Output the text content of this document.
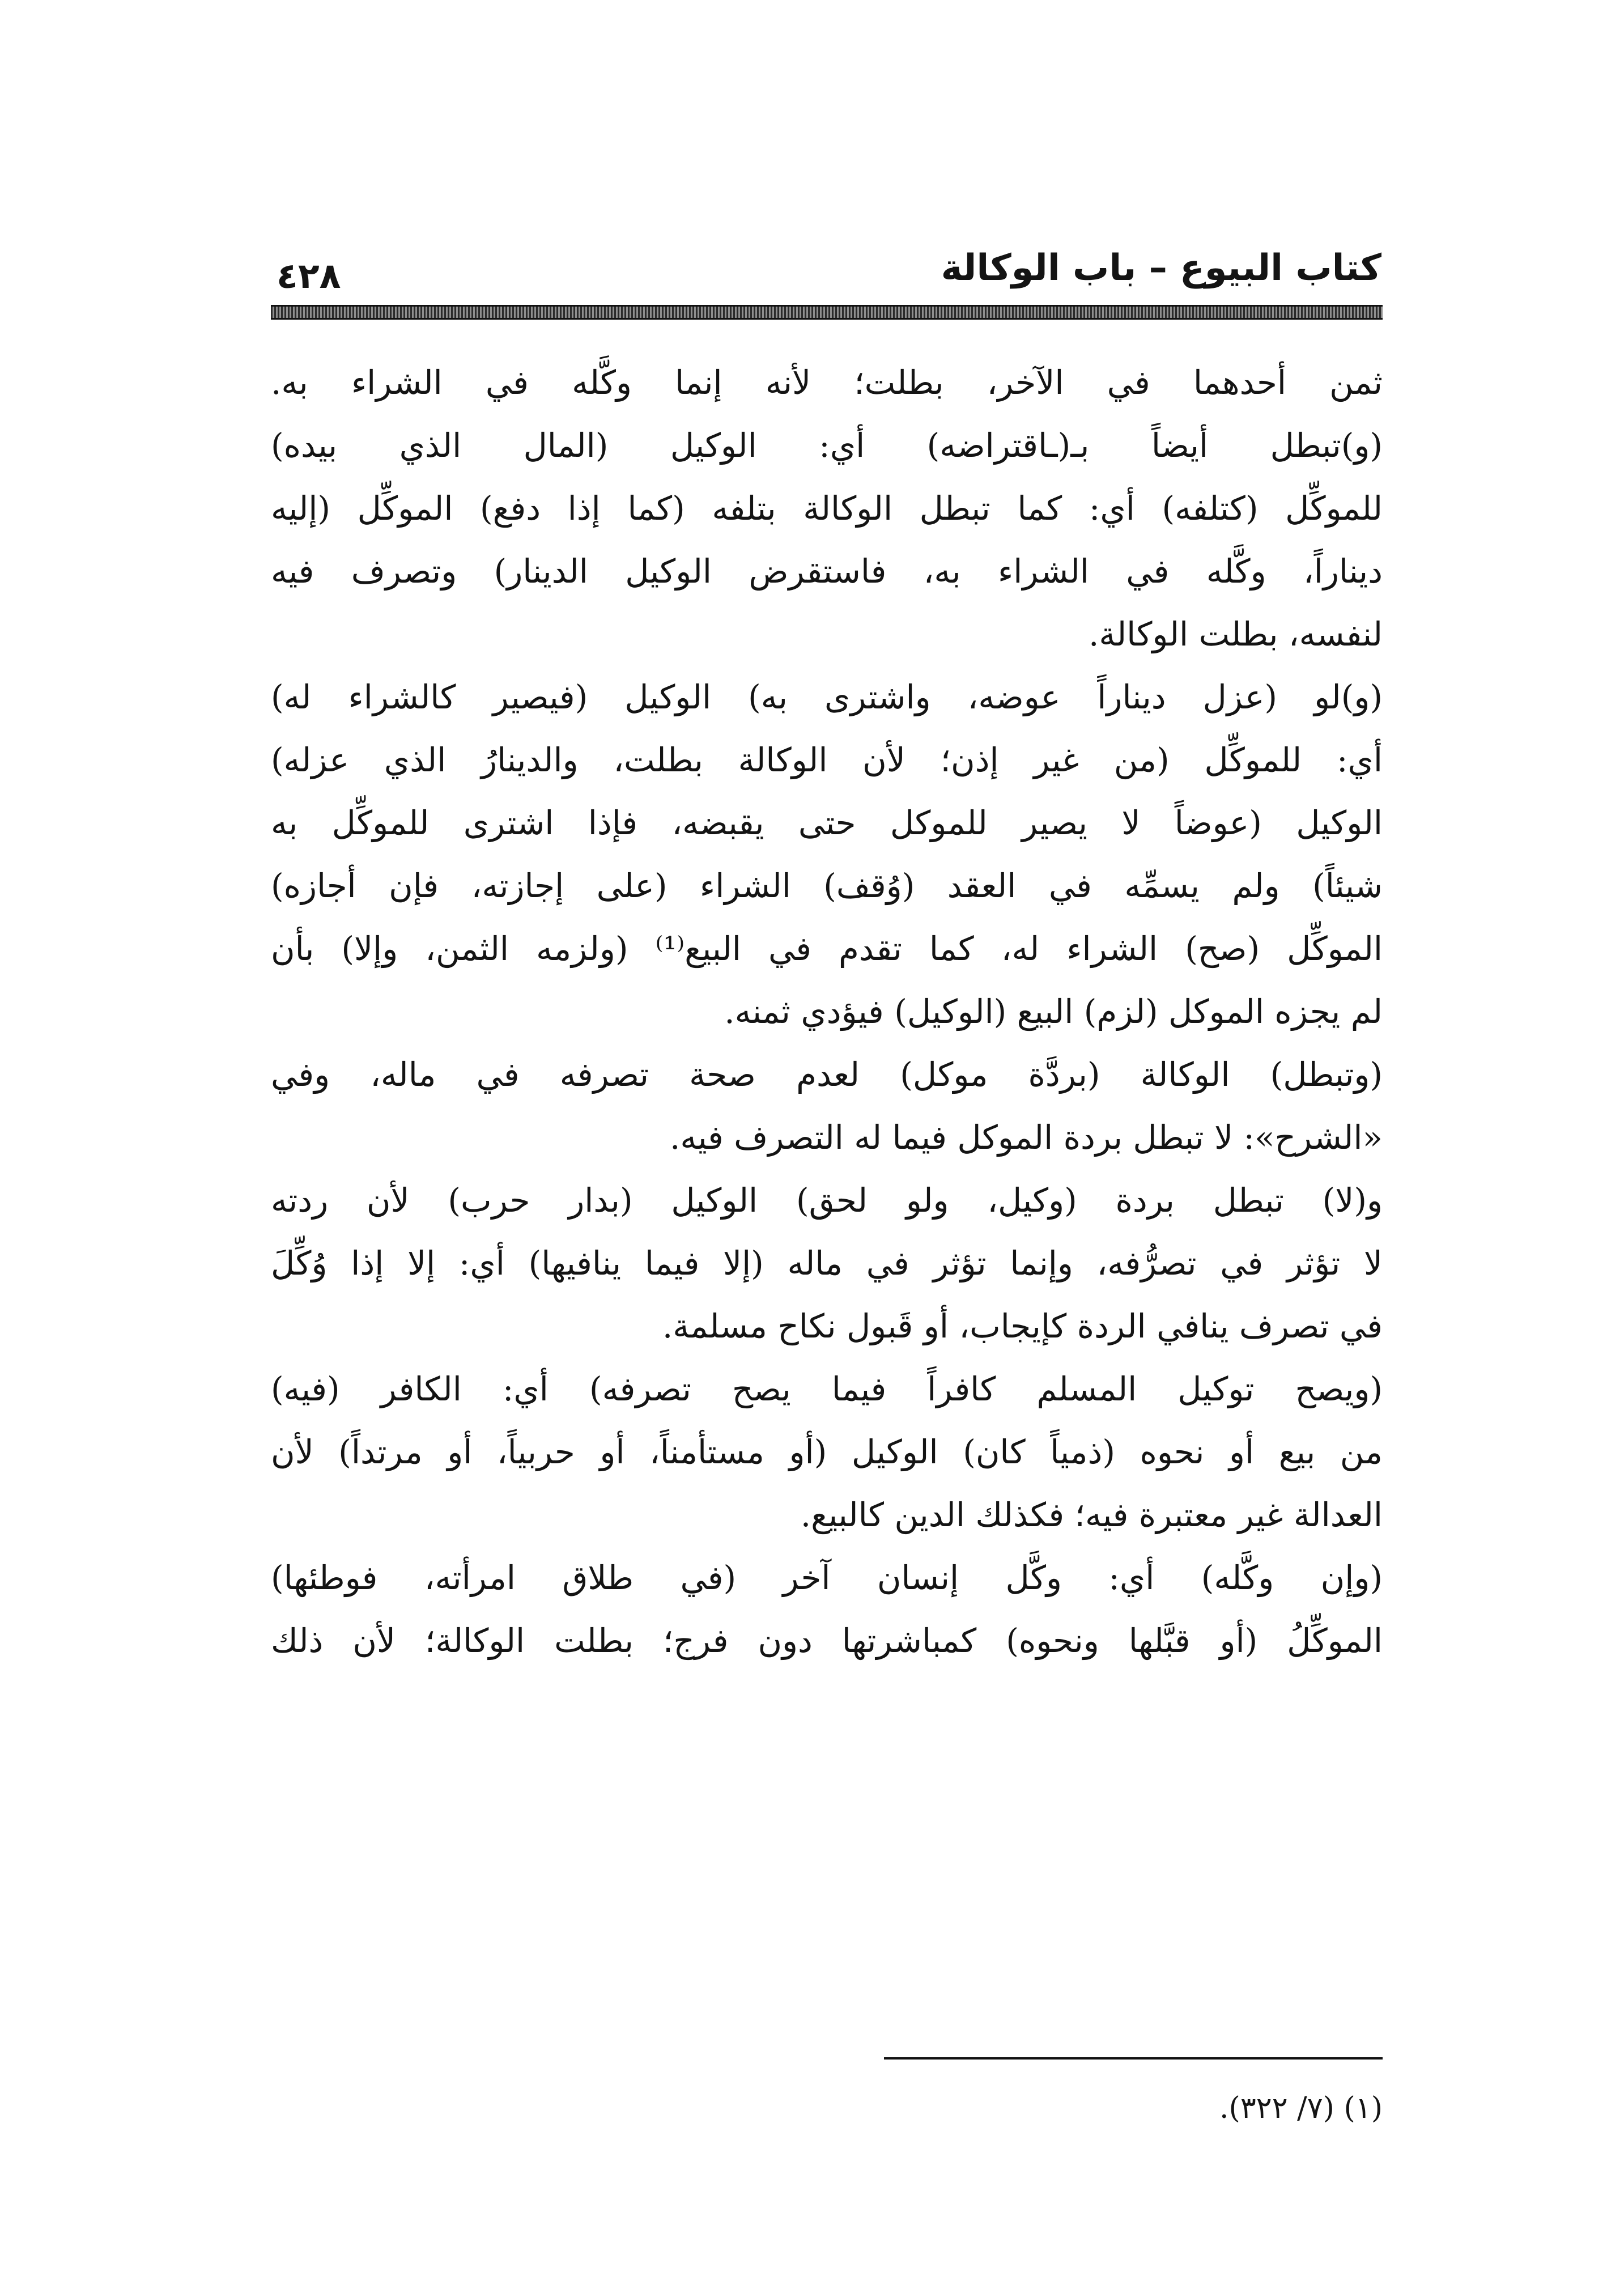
كتاب البيوع – باب الوكالة
٤٢٨
ثمن أحدهما في الآخر، بطلت؛ لأنه إنما وكَّله في الشراء به.
(و)تبطل أيضاً بـ(ـاقتراضه) أي: الوكيل (المال الذي بيده)
للموكِّل (كتلفه) أي: كما تبطل الوكالة بتلفه (كما إذا دفع) الموكِّل (إليه
ديناراً، وكَّله في الشراء به، فاستقرض الوكيل الدينار) وتصرف فيه
لنفسه، بطلت الوكالة.
(و)لو (عزل ديناراً عوضه، واشترى به) الوكيل (فيصير كالشراء له)
أي: للموكِّل (من غير إذن؛ لأن الوكالة بطلت، والدينارُ الذي عزله)
الوكيل (عوضاً لا يصير للموكل حتى يقبضه، فإذا اشترى للموكِّل به
شيئاً) ولم يسمِّه في العقد (وُقف) الشراء (على إجازته، فإن أجازه)
الموكِّل (صح) الشراء له، كما تقدم في البيع⁽¹⁾ (ولزمه الثمن، وإلا) بأن
لم يجزه الموكل (لزم) البيع (الوكيل) فيؤدي ثمنه.
(وتبطل) الوكالة (بردَّة موكل) لعدم صحة تصرفه في ماله، وفي
«الشرح»: لا تبطل بردة الموكل فيما له التصرف فيه.
و(لا) تبطل بردة (وكيل، ولو لحق) الوكيل (بدار حرب) لأن ردته
لا تؤثر في تصرُّفه، وإنما تؤثر في ماله (إلا فيما ينافيها) أي: إلا إذا وُكِّلَ
في تصرف ينافي الردة كإيجاب، أو قَبول نكاح مسلمة.
(ويصح توكيل المسلم كافراً فيما يصح تصرفه) أي: الكافر (فيه)
من بيع أو نحوه (ذمياً كان) الوكيل (أو مستأمناً، أو حربياً، أو مرتداً) لأن
العدالة غير معتبرة فيه؛ فكذلك الدين كالبيع.
(وإن وكَّله) أي: وكَّل إنسان آخر (في طلاق امرأته، فوطئها)
الموكِّلُ (أو قبَّلها ونحوه) كمباشرتها دون فرج؛ بطلت الوكالة؛ لأن ذلك
(١) (٧/ ٣٢٢).
